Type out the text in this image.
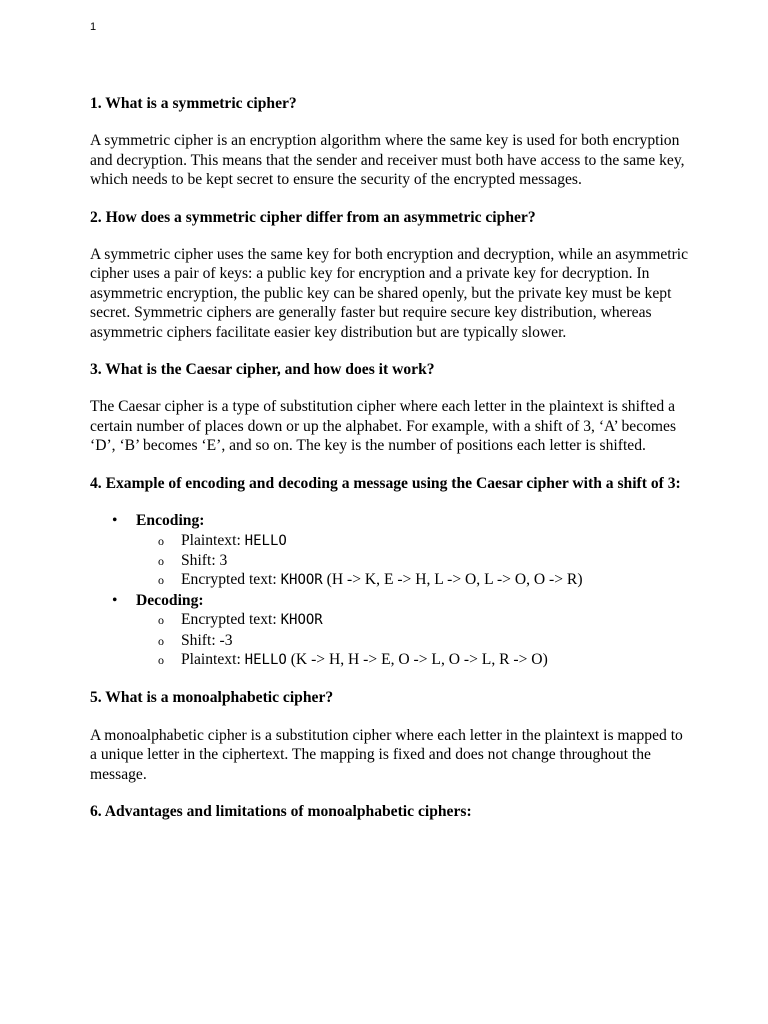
1
1. What is a symmetric cipher?

A symmetric cipher is an encryption algorithm where the same key is used for both encryption and decryption. This means that the sender and receiver must both have access to the same key, which needs to be kept secret to ensure the security of the encrypted messages.

2. How does a symmetric cipher differ from an asymmetric cipher?

A symmetric cipher uses the same key for both encryption and decryption, while an asymmetric cipher uses a pair of keys: a public key for encryption and a private key for decryption. In asymmetric encryption, the public key can be shared openly, but the private key must be kept secret. Symmetric ciphers are generally faster but require secure key distribution, whereas asymmetric ciphers facilitate easier key distribution but are typically slower.

3. What is the Caesar cipher, and how does it work?

The Caesar cipher is a type of substitution cipher where each letter in the plaintext is shifted a certain number of places down or up the alphabet. For example, with a shift of 3, ‘A’ becomes ‘D’, ‘B’ becomes ‘E’, and so on. The key is the number of positions each letter is shifted.

4. Example of encoding and decoding a message using the Caesar cipher with a shift of 3:
• Encoding:
o Plaintext: HELLO
o Shift: 3
o Encrypted text: KHOOR (H -> K, E -> H, L -> O, L -> O, O -> R)
• Decoding:
o Encrypted text: KHOOR
o Shift: -3
o Plaintext: HELLO (K -> H, H -> E, O -> L, O -> L, R -> O)
5. What is a monoalphabetic cipher?

A monoalphabetic cipher is a substitution cipher where each letter in the plaintext is mapped to a unique letter in the ciphertext. The mapping is fixed and does not change throughout the message.

6. Advantages and limitations of monoalphabetic ciphers:
